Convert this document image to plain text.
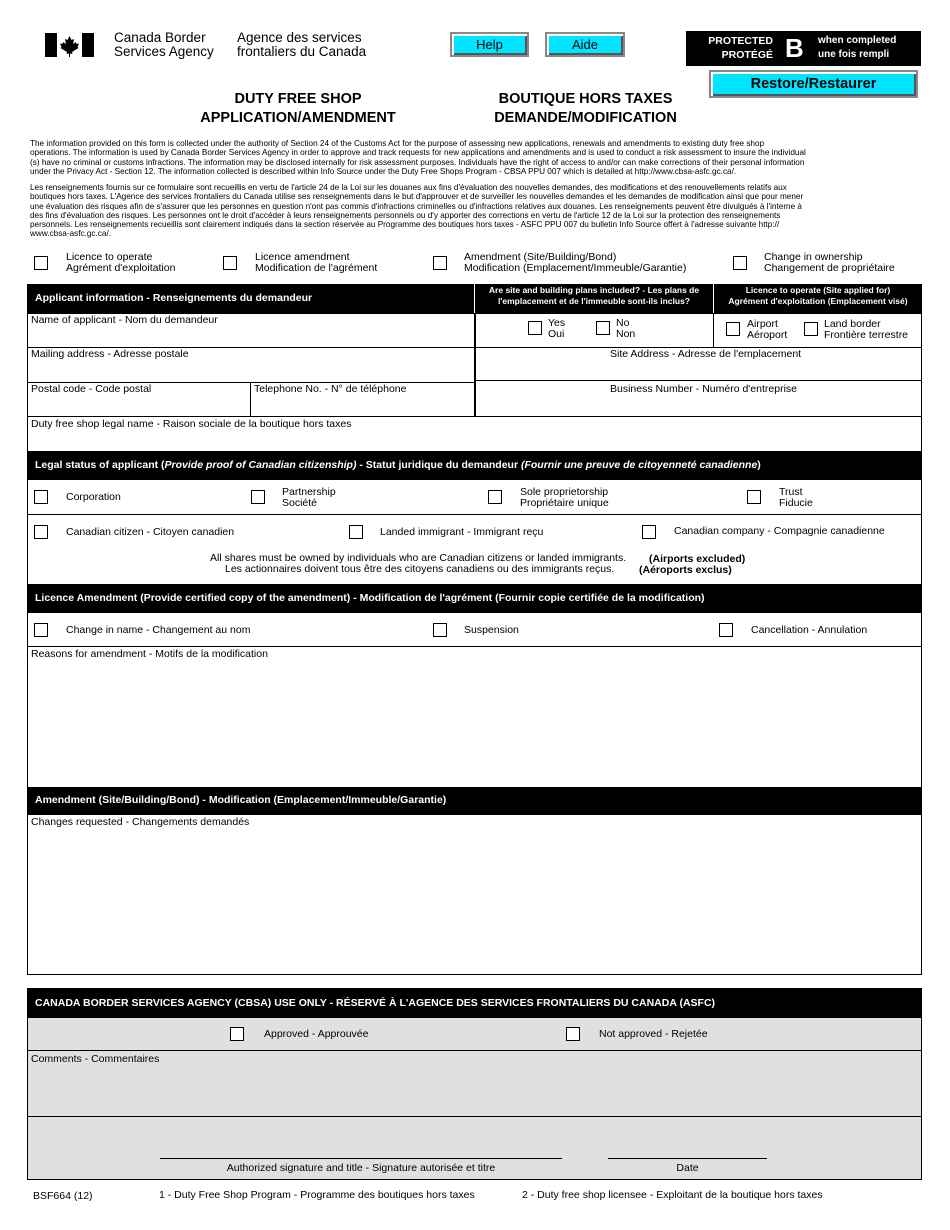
Canada Border
Services Agency
Agence des services
frontaliers du Canada	Help	Aide	PROTECTED
PROTÉGÉ B when completed
une fois rempli
Restore/Restaurer
DUTY FREE SHOP
APPLICATION/AMENDMENT
BOUTIQUE HORS TAXES
DEMANDE/MODIFICATION
The information provided on this form is collected under the authority of Section 24 of the Customs Act for the purpose of assessing new applications, renewals and amendments to existing duty free shop
operations. The information is used by Canada Border Services Agency in order to approve and track requests for new applications and amendments and is used to conduct a risk assessment to insure the individual
(s) have no criminal or customs infractions. The information may be disclosed internally for risk assessment purposes. Individuals have the right of access to and/or can make corrections of their personal information
under the Privacy Act - Section 12. The information collected is described within Info Source under the Duty Free Shops Program - CBSA PPU 007 which is detailed at http://www.cbsa-asfc.gc.ca/.
Les renseignements fournis sur ce formulaire sont recueillis en vertu de l'article 24 de la Loi sur les douanes aux fins d'évaluation des nouvelles demandes, des modifications et des renouvellements relatifs aux
boutiques hors taxes. L'Agence des services frontaliers du Canada utilise ses renseignements dans le but d'approuver et de surveiller les nouvelles demandes et les demandes de modification ainsi que pour mener
une évaluation des risques afin de s'assurer que les personnes en question n'ont pas commis d'infractions criminelles ou d'infractions relatives aux douanes. Les renseignements peuvent être divulgués à l'interne à
des fins d'évaluation des risques. Les personnes ont le droit d'accéder à leurs renseignements personnels ou d'y apporter des corrections en vertu de l'article 12 de la Loi sur la protection des renseignements
personnels. Les renseignements recueillis sont clairement indiqués dans la section réservée au Programme des boutiques hors taxes - ASFC PPU 007 du bulletin Info Source offert à l'adresse suivante http://
www.cbsa-asfc.gc.ca/.
Licence to operate
Agrément d'exploitation
Licence amendment
Modification de l'agrément
Amendment (Site/Building/Bond)
Modification (Emplacement/Immeuble/Garantie)
Change in ownership
Changement de propriétaire
Applicant information - Renseignements du demandeur
Are site and building plans included? - Les plans de
l'emplacement et de l'immeuble sont-ils inclus?
Licence to operate (Site applied for)
Agrément d'exploitation (Emplacement visé)
Name of applicant - Nom du demandeur	Yes
Oui
No
Non
Airport
Aéroport
Land border
Frontière terrestre
Mailing address - Adresse postale	Site Address - Adresse de l'emplacement
Postal code - Code postal	Telephone No. - N° de téléphone	Business Number - Numéro d'entreprise
Duty free shop legal name - Raison sociale de la boutique hors taxes
Legal status of applicant (Provide proof of Canadian citizenship) - Statut juridique du demandeur (Fournir une preuve de citoyenneté canadienne)
Corporation	Partnership
Société
Sole proprietorship
Propriétaire unique
Trust
Fiducie
Canadian citizen - Citoyen canadien	Landed immigrant - Immigrant reçu	Canadian company - Compagnie canadienne
All shares must be owned by individuals who are Canadian citizens or landed immigrants. (Airports excluded)
Les actionnaires doivent tous être des citoyens canadiens ou des immigrants reçus. (Aéroports exclus)
Licence Amendment (Provide certified copy of the amendment) - Modification de l'agrément (Fournir copie certifiée de la modification)
Change in name - Changement au nom	Suspension	Cancellation - Annulation
Reasons for amendment - Motifs de la modification
Amendment (Site/Building/Bond) - Modification (Emplacement/Immeuble/Garantie)
Changes requested - Changements demandés
CANADA BORDER SERVICES AGENCY (CBSA) USE ONLY - RÉSERVÉ À L'AGENCE DES SERVICES FRONTALIERS DU CANADA (ASFC)
Approved - Approuvée	Not approved - Rejetée
Comments - Commentaires
Authorized signature and title - Signature autorisée et titre	Date
BSF664 (12)	1 - Duty Free Shop Program - Programme des boutiques hors taxes	2 - Duty free shop licensee - Exploitant de la boutique hors taxes
